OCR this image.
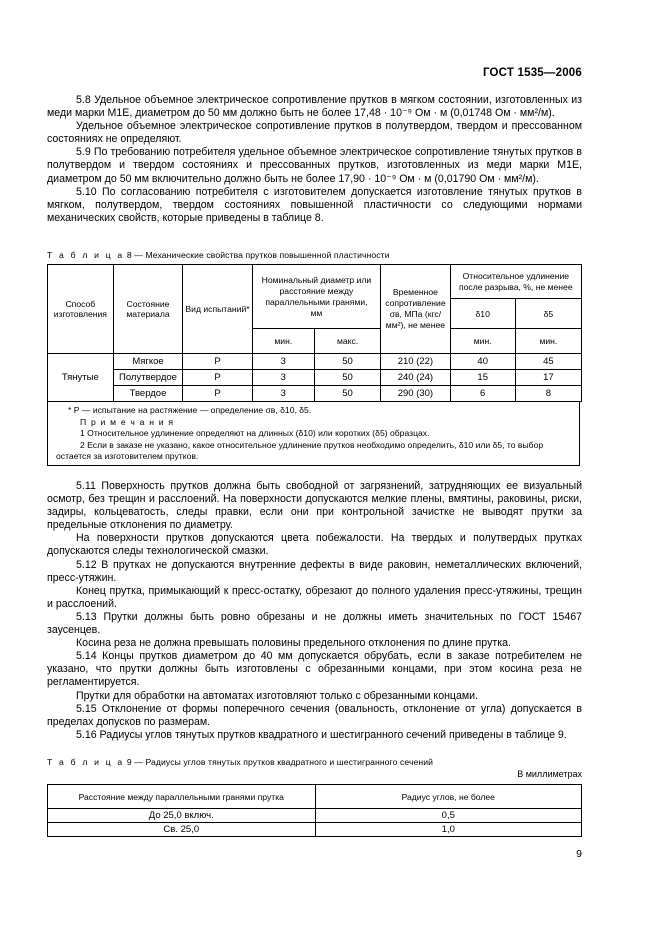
ГОСТ 1535—2006

5.8 Удельное объемное электрическое сопротивление прутков в мягком состоянии, изготовленных из меди марки М1Е, диаметром до 50 мм должно быть не более 17,48 · 10⁻⁹ Ом · м (0,01748 Ом · мм²/м).

Удельное объемное электрическое сопротивление прутков в полутвердом, твердом и прессованном состояниях не определяют.

5.9 По требованию потребителя удельное объемное электрическое сопротивление тянутых прутков в полутвердом и твердом состояниях и прессованных прутков, изготовленных из меди марки М1Е, диаметром до 50 мм включительно должно быть не более 17,90 · 10⁻⁹ Ом · м (0,01790 Ом · мм²/м).

5.10 По согласованию потребителя с изготовителем допускается изготовление тянутых прутков в мягком, полутвердом, твердом состояниях повышенной пластичности со следующими нормами механических свойств, которые приведены в таблице 8.

Т а б л и ц а 8 — Механические свойства прутков повышенной пластичности
Способ изготовления	Состояние материала	Вид испытаний*	Номинальный диаметр или расстояние между параллельными гранями, мм		Временное сопротивление σв, МПа (кгс/мм²), не менее	Относительное удлинение после разрыва, %, не менее	
						δ10	δ5
			мин.	макс.		мин.	мин.
Тянутые	Мягкое	Р	3	50	210 (22)	40	45
	Полутвердое	Р	3	50	240 (24)	15	17
	Твердое	Р	3	50	290 (30)	6	8

* Р — испытание на растяжение — определение σв, δ10, δ5.

П р и м е ч а н и я

1 Относительное удлинение определяют на длинных (δ10) или коротких (δ5) образцах.

2 Если в заказе не указано, какое относительное удлинение прутков необходимо определить, δ10 или δ5, то выбор остается за изготовителем прутков.

5.11 Поверхность прутков должна быть свободной от загрязнений, затрудняющих ее визуальный осмотр, без трещин и расслоений. На поверхности допускаются мелкие плены, вмятины, раковины, риски, задиры, кольцеватость, следы правки, если они при контрольной зачистке не выводят прутки за предельные отклонения по диаметру.

На поверхности прутков допускаются цвета побежалости. На твердых и полутвердых прутках допускаются следы технологической смазки.

5.12 В прутках не допускаются внутренние дефекты в виде раковин, неметаллических включений, пресс-утяжин.

Конец прутка, примыкающий к пресс-остатку, обрезают до полного удаления пресс-утяжины, трещин и расслоений.

5.13 Прутки должны быть ровно обрезаны и не должны иметь значительных по ГОСТ 15467 заусенцев.

Косина реза не должна превышать половины предельного отклонения по длине прутка.

5.14 Концы прутков диаметром до 40 мм допускается обрубать, если в заказе потребителем не указано, что прутки должны быть изготовлены с обрезанными концами, при этом косина реза не регламентируется.

Прутки для обработки на автоматах изготовляют только с обрезанными концами.

5.15 Отклонение от формы поперечного сечения (овальность, отклонение от угла) допускается в пределах допусков по размерам.

5.16 Радиусы углов тянутых прутков квадратного и шестигранного сечений приведены в таблице 9.

Т а б л и ц а 9 — Радиусы углов тянутых прутков квадратного и шестигранного сечений
В миллиметрах
Расстояние между параллельными гранями прутка	Радиус углов, не более
До 25,0 включ.	0,5
Св. 25,0	1,0
9
